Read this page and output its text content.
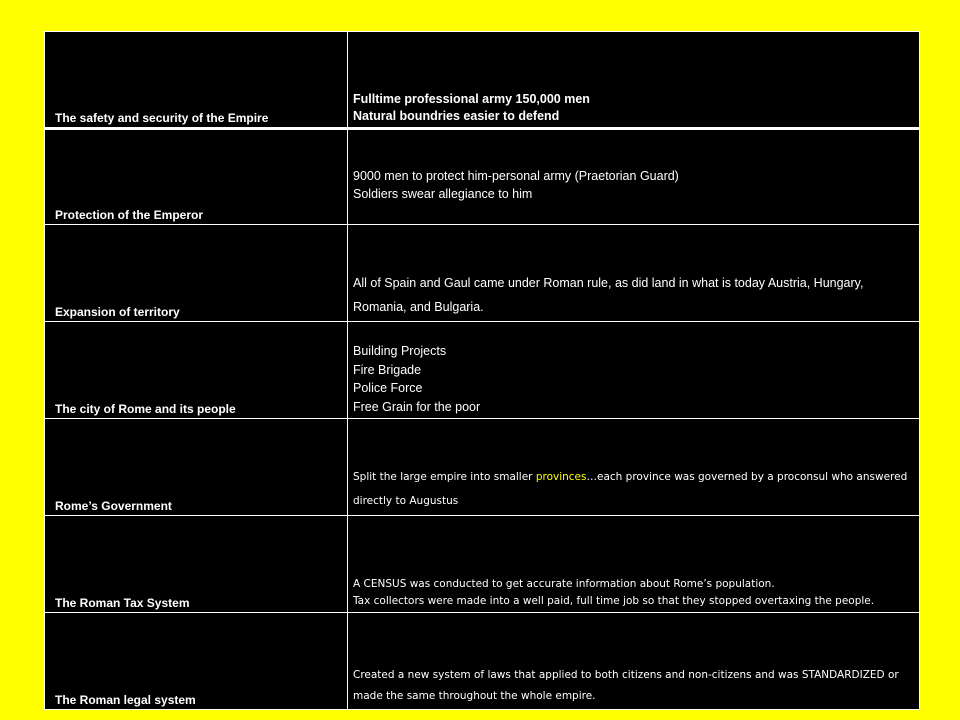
The safety and security of the Empire	Fulltime professional army 150,000 men
Natural boundries easier to defend

Protection of the Emperor	9000 men to protect him-personal army (Praetorian Guard)
Soldiers swear allegiance to him

Expansion of territory	All of Spain and Gaul came under Roman rule, as did land in what is today Austria, Hungary, Romania, and Bulgaria.

The city of Rome and its people	Building Projects
Fire Brigade
Police Force
Free Grain for the poor

Rome’s Government	Split the large empire into smaller provinces…each province was governed by a proconsul who answered directly to Augustus
The Roman Tax System	A CENSUS was conducted to get accurate information about Rome’s population.
Tax collectors were made into a well paid, full time job so that they stopped overtaxing the people.

The Roman legal system	Created a new system of laws that applied to both citizens and non-citizens and was STANDARDIZED or made the same throughout the whole empire.
